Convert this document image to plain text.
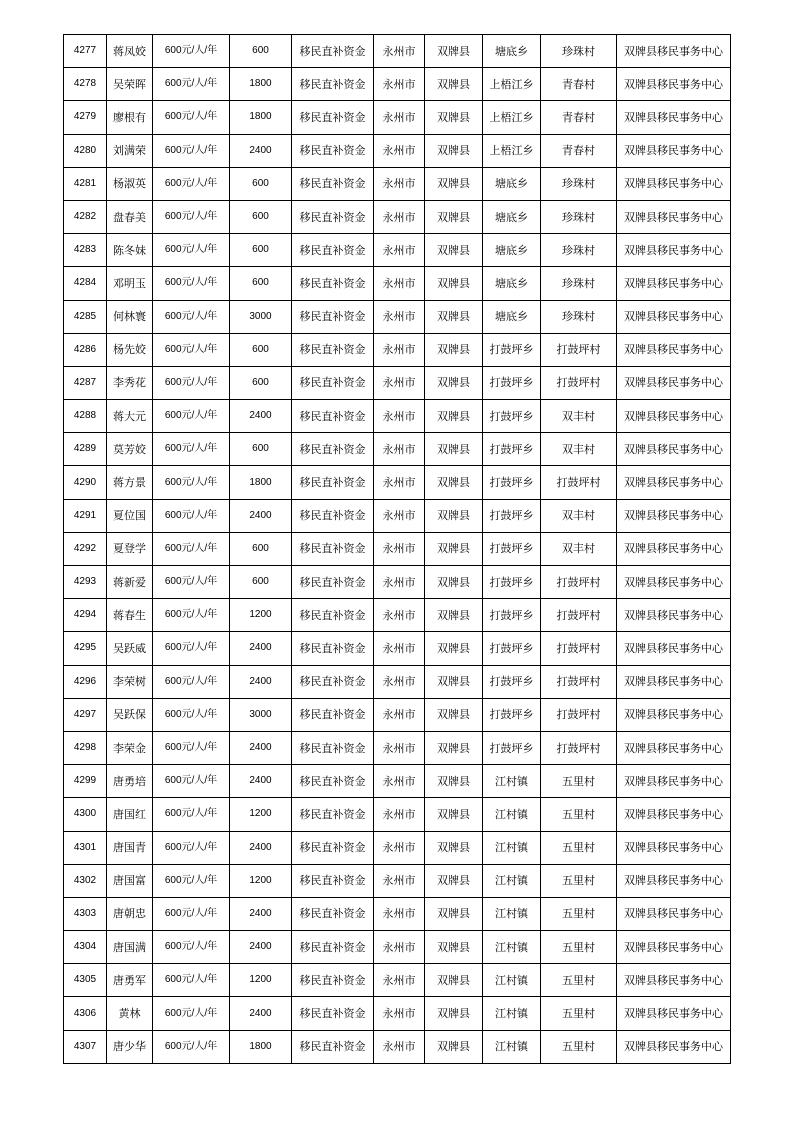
4277	蒋凤姣	600元/人/年	600	移民直补资金	永州市	双牌县	塘底乡	珍珠村	双牌县移民事务中心
4278	吴荣晖	600元/人/年	1800	移民直补资金	永州市	双牌县	上梧江乡	青春村	双牌县移民事务中心
4279	廖根有	600元/人/年	1800	移民直补资金	永州市	双牌县	上梧江乡	青春村	双牌县移民事务中心
4280	刘满荣	600元/人/年	2400	移民直补资金	永州市	双牌县	上梧江乡	青春村	双牌县移民事务中心
4281	杨淑英	600元/人/年	600	移民直补资金	永州市	双牌县	塘底乡	珍珠村	双牌县移民事务中心
4282	盘春美	600元/人/年	600	移民直补资金	永州市	双牌县	塘底乡	珍珠村	双牌县移民事务中心
4283	陈冬妹	600元/人/年	600	移民直补资金	永州市	双牌县	塘底乡	珍珠村	双牌县移民事务中心
4284	邓明玉	600元/人/年	600	移民直补资金	永州市	双牌县	塘底乡	珍珠村	双牌县移民事务中心
4285	何林寰	600元/人/年	3000	移民直补资金	永州市	双牌县	塘底乡	珍珠村	双牌县移民事务中心
4286	杨先姣	600元/人/年	600	移民直补资金	永州市	双牌县	打鼓坪乡	打鼓坪村	双牌县移民事务中心
4287	李秀花	600元/人/年	600	移民直补资金	永州市	双牌县	打鼓坪乡	打鼓坪村	双牌县移民事务中心
4288	蒋大元	600元/人/年	2400	移民直补资金	永州市	双牌县	打鼓坪乡	双丰村	双牌县移民事务中心
4289	莫芳姣	600元/人/年	600	移民直补资金	永州市	双牌县	打鼓坪乡	双丰村	双牌县移民事务中心
4290	蒋方景	600元/人/年	1800	移民直补资金	永州市	双牌县	打鼓坪乡	打鼓坪村	双牌县移民事务中心
4291	夏位国	600元/人/年	2400	移民直补资金	永州市	双牌县	打鼓坪乡	双丰村	双牌县移民事务中心
4292	夏登学	600元/人/年	600	移民直补资金	永州市	双牌县	打鼓坪乡	双丰村	双牌县移民事务中心
4293	蒋新爱	600元/人/年	600	移民直补资金	永州市	双牌县	打鼓坪乡	打鼓坪村	双牌县移民事务中心
4294	蒋春生	600元/人/年	1200	移民直补资金	永州市	双牌县	打鼓坪乡	打鼓坪村	双牌县移民事务中心
4295	吴跃威	600元/人/年	2400	移民直补资金	永州市	双牌县	打鼓坪乡	打鼓坪村	双牌县移民事务中心
4296	李荣树	600元/人/年	2400	移民直补资金	永州市	双牌县	打鼓坪乡	打鼓坪村	双牌县移民事务中心
4297	吴跃保	600元/人/年	3000	移民直补资金	永州市	双牌县	打鼓坪乡	打鼓坪村	双牌县移民事务中心
4298	李荣金	600元/人/年	2400	移民直补资金	永州市	双牌县	打鼓坪乡	打鼓坪村	双牌县移民事务中心
4299	唐勇培	600元/人/年	2400	移民直补资金	永州市	双牌县	江村镇	五里村	双牌县移民事务中心
4300	唐国红	600元/人/年	1200	移民直补资金	永州市	双牌县	江村镇	五里村	双牌县移民事务中心
4301	唐国青	600元/人/年	2400	移民直补资金	永州市	双牌县	江村镇	五里村	双牌县移民事务中心
4302	唐国富	600元/人/年	1200	移民直补资金	永州市	双牌县	江村镇	五里村	双牌县移民事务中心
4303	唐朝忠	600元/人/年	2400	移民直补资金	永州市	双牌县	江村镇	五里村	双牌县移民事务中心
4304	唐国满	600元/人/年	2400	移民直补资金	永州市	双牌县	江村镇	五里村	双牌县移民事务中心
4305	唐勇军	600元/人/年	1200	移民直补资金	永州市	双牌县	江村镇	五里村	双牌县移民事务中心
4306	黄林	600元/人/年	2400	移民直补资金	永州市	双牌县	江村镇	五里村	双牌县移民事务中心
4307	唐少华	600元/人/年	1800	移民直补资金	永州市	双牌县	江村镇	五里村	双牌县移民事务中心
